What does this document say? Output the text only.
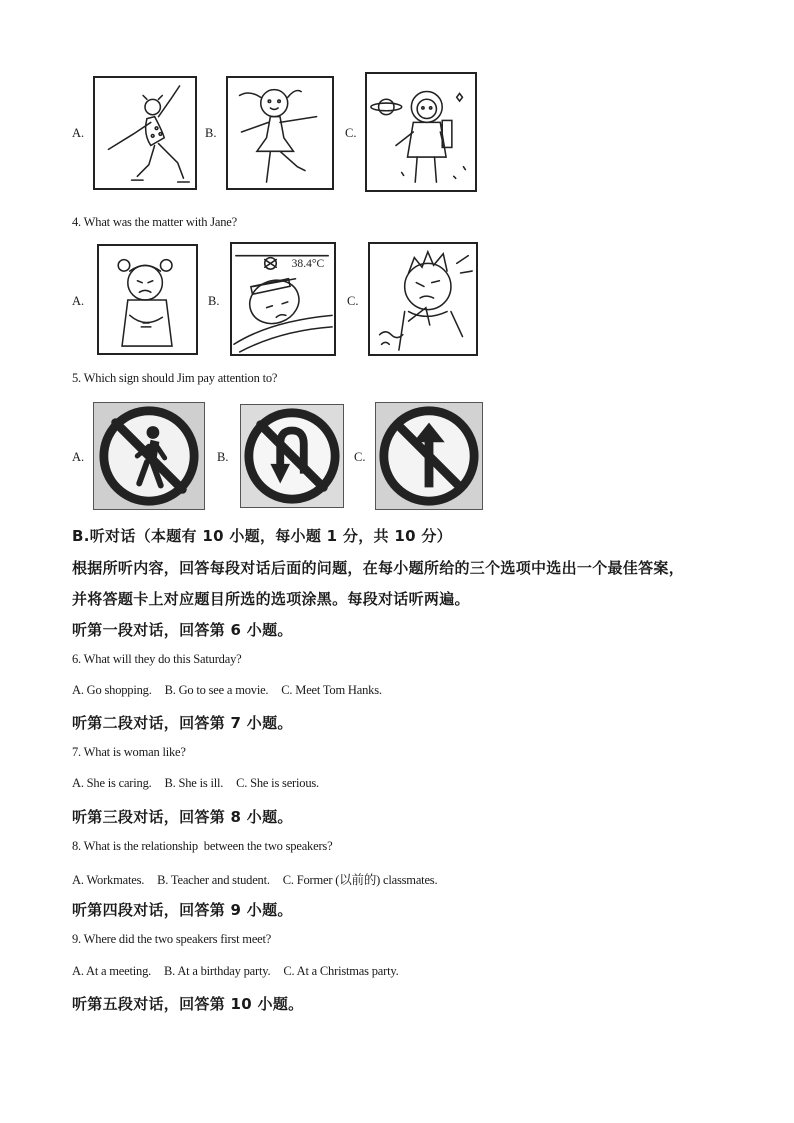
A.	B.	C.
4. What was the matter with Jane?
A.	B.
38.4°C
C.
5. Which sign should Jim pay attention to?
A.	B.	C.
B.听对话（本题有 10 小题，每小题 1 分，共 10 分）
根据所听内容，回答每段对话后面的问题，在每小题所给的三个选项中选出一个最佳答案，
并将答题卡上对应题目所选的选项涂黑。每段对话听两遍。
听第一段对话，回答第 6 小题。
6. What will they do this Saturday?
A. Go shopping. B. Go to see a movie. C. Meet Tom Hanks.
听第二段对话，回答第 7 小题。
7. What is woman like?
A. She is caring. B. She is ill. C. She is serious.
听第三段对话，回答第 8 小题。
8. What is the relationship  between the two speakers?
A. Workmates. B. Teacher and student. C. Former (以前的) classmates.
听第四段对话，回答第 9 小题。
9. Where did the two speakers first meet?
A. At a meeting. B. At a birthday party. C. At a Christmas party.
听第五段对话，回答第 10 小题。
